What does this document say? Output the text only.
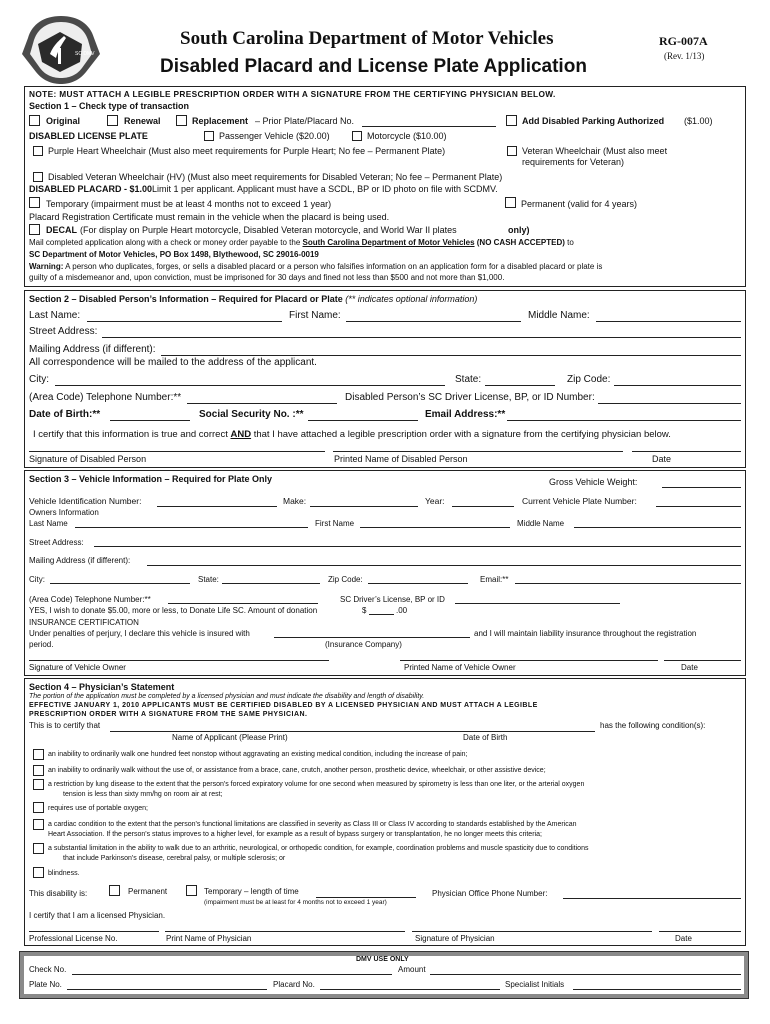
SC DMV
South Carolina Department of Motor Vehicles
Disabled Placard and License Plate Application
RG-007A
(Rev. 1/13)
NOTE: MUST ATTACH A LEGIBLE PRESCRIPTION ORDER WITH A SIGNATURE FROM THE CERTIFYING PHYSICIAN BELOW.
Section 1 – Check type of transaction
Original	Renewal	Replacement – Prior Plate/Placard No.	Add Disabled Parking Authorized ($1.00)
DISABLED LICENSE PLATE	Passenger Vehicle ($20.00)	Motorcycle ($10.00)
Purple Heart Wheelchair (Must also meet requirements for Purple Heart; No fee – Permanent Plate)	Veteran Wheelchair (Must also meet
requirements for Veteran)
Disabled Veteran Wheelchair (HV) (Must also meet requirements for Disabled Veteran; No fee – Permanent Plate)
DISABLED PLACARD - $1.00 Limit 1 per applicant. Applicant must have a SCDL, BP or ID photo on file with SCDMV.
Temporary (impairment must be at least 4 months not to exceed 1 year)	Permanent (valid for 4 years)
Placard Registration Certificate must remain in the vehicle when the placard is being used.
DECAL (For display on Purple Heart motorcycle, Disabled Veteran motorcycle, and World War II plates	only)
Mail completed application along with a check or money order payable to the South Carolina Department of Motor Vehicles (NO CASH ACCEPTED) to
SC Department of Motor Vehicles, PO Box 1498, Blythewood, SC 29016-0019
Warning: A person who duplicates, forges, or sells a disabled placard or a person who falsifies information on an application form for a disabled placard or plate is
guilty of a misdemeanor and, upon conviction, must be imprisoned for 30 days and fined not less than $500 and not more than $1,000.
Section 2 – Disabled Person’s Information – Required for Placard or Plate (** indicates optional information)
Last Name:	First Name:	Middle Name:
Street Address:
Mailing Address (if different):
All correspondence will be mailed to the address of the applicant.
City:	State:	Zip Code:
(Area Code) Telephone Number:**	Disabled Person’s SC Driver License, BP, or ID Number:
Date of Birth:**	Social Security No. :**	Email Address:**
I certify that this information is true and correct AND that I have attached a legible prescription order with a signature from the certifying physician below.
Signature of Disabled Person	Printed Name of Disabled Person	Date
Section 3 – Vehicle Information – Required for Plate Only	Gross Vehicle Weight:
Vehicle Identification Number:	Make:	Year:	Current Vehicle Plate Number:
Owners Information
Last Name	First Name	Middle Name
Street Address:
Mailing Address (if different):
City:	State:	Zip Code:	Email:**
(Area Code) Telephone Number:**	SC Driver’s License, BP or ID
YES, I wish to donate $5.00, more or less, to Donate Life SC. Amount of donation	$	.00
INSURANCE CERTIFICATION
Under penalties of perjury, I declare this vehicle is insured with	and I will maintain liability insurance throughout the registration
period.	(Insurance Company)
Signature of Vehicle Owner	Printed Name of Vehicle Owner	Date
Section 4 – Physician’s Statement
The portion of the application must be completed by a licensed physician and must indicate the disability and length of disability.
EFFECTIVE JANUARY 1, 2010 APPLICANTS MUST BE CERTIFIED DISABLED BY A LICENSED PHYSICIAN AND MUST ATTACH A LEGIBLE
PRESCRIPTION ORDER WITH A SIGNATURE FROM THE SAME PHYSICIAN.
This is to certify that	has the following condition(s):
Name of Applicant (Please Print)	Date of Birth
an inability to ordinarily walk one hundred feet nonstop without aggravating an existing medical condition, including the increase of pain;
an inability to ordinarily walk without the use of, or assistance from a brace, cane, crutch, another person, prosthetic device, wheelchair, or other assistive device;
a restriction by lung disease to the extent that the person's forced expiratory volume for one second when measured by spirometry is less than one liter, or the arterial oxygen
tension is less than sixty mm/hg on room air at rest;
requires use of portable oxygen;
a cardiac condition to the extent that the person's functional limitations are classified in severity as Class III or Class IV according to standards established by the American
Heart Association. If the person's status improves to a higher level, for example as a result of bypass surgery or transplantation, he no longer meets this criteria;
a substantial limitation in the ability to walk due to an arthritic, neurological, or orthopedic condition, for example, coordination problems and muscle spasticity due to conditions
that include Parkinson's disease, cerebral palsy, or multiple sclerosis; or
blindness.
This disability is:	Permanent	Temporary – length of time	Physician Office Phone Number:
(impairment must be at least for 4 months not to exceed 1 year)
I certify that I am a licensed Physician.
Professional License No.	Print Name of Physician	Signature of Physician	Date
DMV USE ONLY
Check No.	Amount
Plate No.	Placard No.	Specialist Initials
